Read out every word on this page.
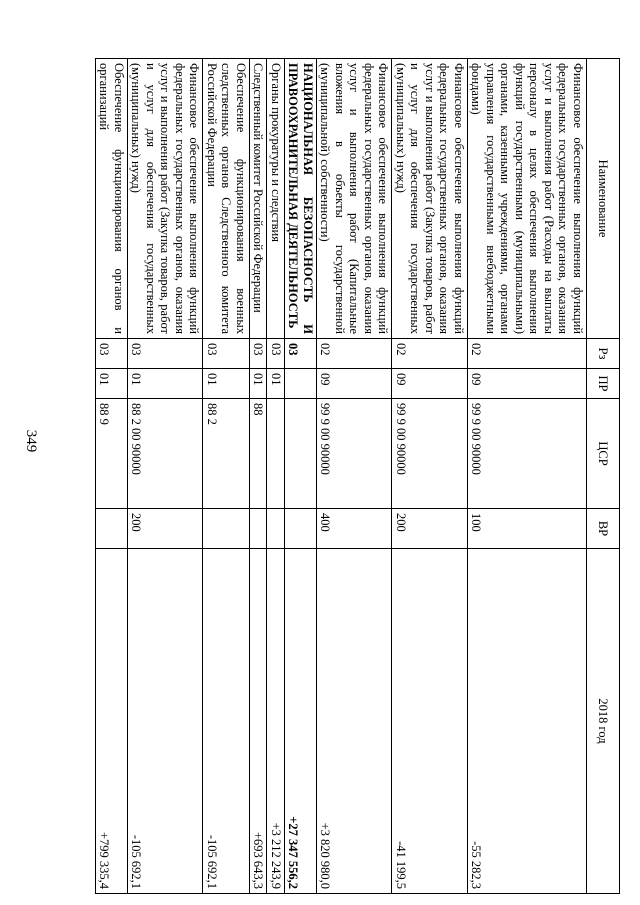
349
Наименование	Рз	ПР	ЦСР	ВР	2018 год
Финансовое обеспечение выполнения функций федеральных государственных органов, оказания услуг и выполнения работ (Расходы на выплаты персоналу в целях обеспечения выполнения функций государственными (муниципальными) органами, казенными учреждениями, органами управления государственными внебюджетными фондами)	02	09	99 9 00 90000	100	-55 282,3
Финансовое обеспечение выполнения функций федеральных государственных органов, оказания услуг и выполнения работ (Закупка товаров, работ и услуг для обеспечения государственных (муниципальных) нужд)	02	09	99 9 00 90000	200	-41 199,5
Финансовое обеспечение выполнения функций федеральных государственных органов, оказания услуг и выполнения работ (Капитальные вложения в объекты государственной (муниципальной) собственности)	02	09	99 9 00 90000	400	+3 820 980,0
НАЦИОНАЛЬНАЯ БЕЗОПАСНОСТЬ И ПРАВООХРАНИТЕЛЬНАЯ ДЕЯТЕЛЬНОСТЬ	03				+27 347 556,2
Органы прокуратуры и следствия	03	01			+3 212 243,9
Следственный комитет Российской Федерации	03	01	88		+693 643,3
Обеспечение функционирования военных следственных органов Следственного комитета Российской Федерации	03	01	88 2		-105 692,1
Финансовое обеспечение выполнения функций федеральных государственных органов, оказания услуг и выполнения работ (Закупка товаров, работ и услуг для обеспечения государственных (муниципальных) нужд)	03	01	88 2 00 90000	200	-105 692,1
Обеспечение функционирования органов и организаций	03	01	88 9		+799 335,4
